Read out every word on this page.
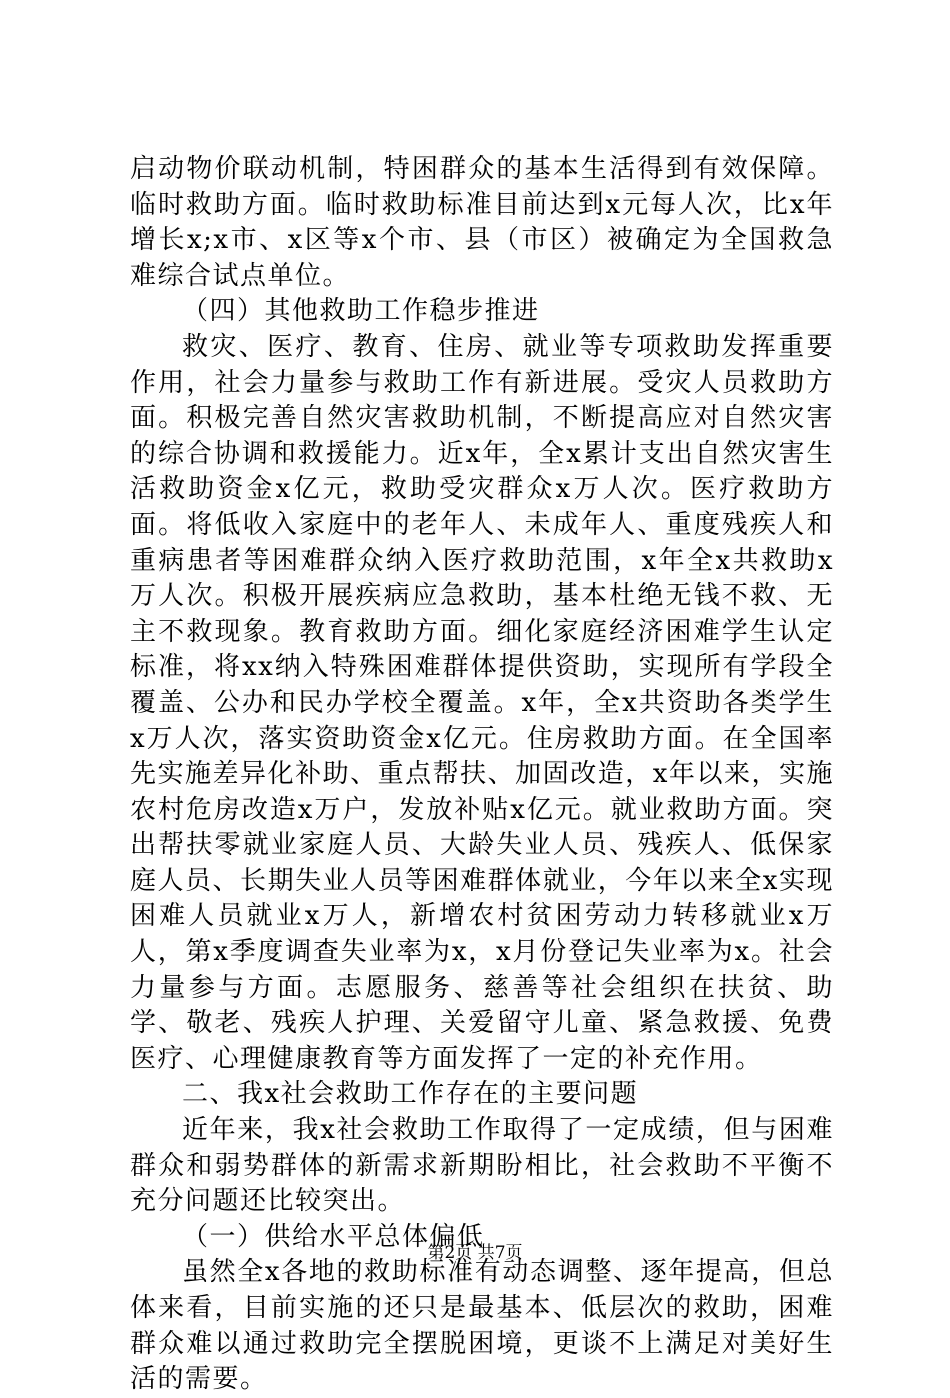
启动物价联动机制，特困群众的基本生活得到有效保障。临时救助方面。临时救助标准目前达到x元每人次，比x年增长x;x市、x区等x个市、县（市区）被确定为全国救急难综合试点单位。

（四）其他救助工作稳步推进

救灾、医疗、教育、住房、就业等专项救助发挥重要作用，社会力量参与救助工作有新进展。受灾人员救助方面。积极完善自然灾害救助机制，不断提高应对自然灾害的综合协调和救援能力。近x年，全x累计支出自然灾害生活救助资金x亿元，救助受灾群众x万人次。医疗救助方面。将低收入家庭中的老年人、未成年人、重度残疾人和重病患者等困难群众纳入医疗救助范围，x年全x共救助x万人次。积极开展疾病应急救助，基本杜绝无钱不救、无主不救现象。教育救助方面。细化家庭经济困难学生认定标准，将xx纳入特殊困难群体提供资助，实现所有学段全覆盖、公办和民办学校全覆盖。x年，全x共资助各类学生x万人次，落实资助资金x亿元。住房救助方面。在全国率先实施差异化补助、重点帮扶、加固改造，x年以来，实施农村危房改造x万户，发放补贴x亿元。就业救助方面。突出帮扶零就业家庭人员、大龄失业人员、残疾人、低保家庭人员、长期失业人员等困难群体就业，今年以来全x实现困难人员就业x万人，新增农村贫困劳动力转移就业x万人，第x季度调查失业率为x，x月份登记失业率为x。社会力量参与方面。志愿服务、慈善等社会组织在扶贫、助学、敬老、残疾人护理、关爱留守儿童、紧急救援、免费医疗、心理健康教育等方面发挥了一定的补充作用。

二、我x社会救助工作存在的主要问题

近年来，我x社会救助工作取得了一定成绩，但与困难群众和弱势群体的新需求新期盼相比，社会救助不平衡不充分问题还比较突出。

（一）供给水平总体偏低

虽然全x各地的救助标准有动态调整、逐年提高，但总体来看，目前实施的还只是最基本、低层次的救助，困难群众难以通过救助完全摆脱困境，更谈不上满足对美好生活的需要。

第2页 共7页
